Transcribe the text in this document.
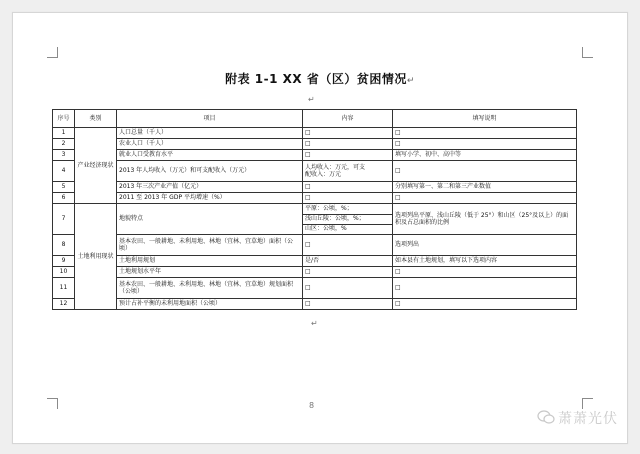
附表 1-1 XX 省（区）贫困情况↵
↵
序号	类别	项目	内容	填写说明
1	产业经济现状	人口总量（千人）	□	□
2		农业人口（千人）	□	□
3		就业人口受教育水平	□	填写小学、初中、高中等
4		2013 年人均收入（万元）和可支配收入（万元）	人均收入：万元，可支
配收入：万元	□
5		2013 年三次产业产值（亿元）	□	分别填写第一、第二和第三产业数值
6		2011 至 2013 年 GDP 平均增速（%）	□	□
7	土地利用现状	地貌特点	平原：公顷，%；
浅山丘陵：公顷，%；
山区：公顷，%	选项列出平原、浅山丘陵（低于 25°）和山区（25°及以上）的面积及占总面积的比例
8		基本农田、一般耕地、未利用地、林地（宜林、宜草地）面积（公顷）	□	选项列出
9		土地利用规划	是/否	如本县有土地规划，填写以下选项内容
10		土地规划水平年	□	□
11		基本农田、一般耕地、未利用地、林地（宜林、宜草地）规划面积（公顷）	□	□
12		预计占补平衡的未利用地面积（公顷）	□	□
↵
8
萧萧光伏
